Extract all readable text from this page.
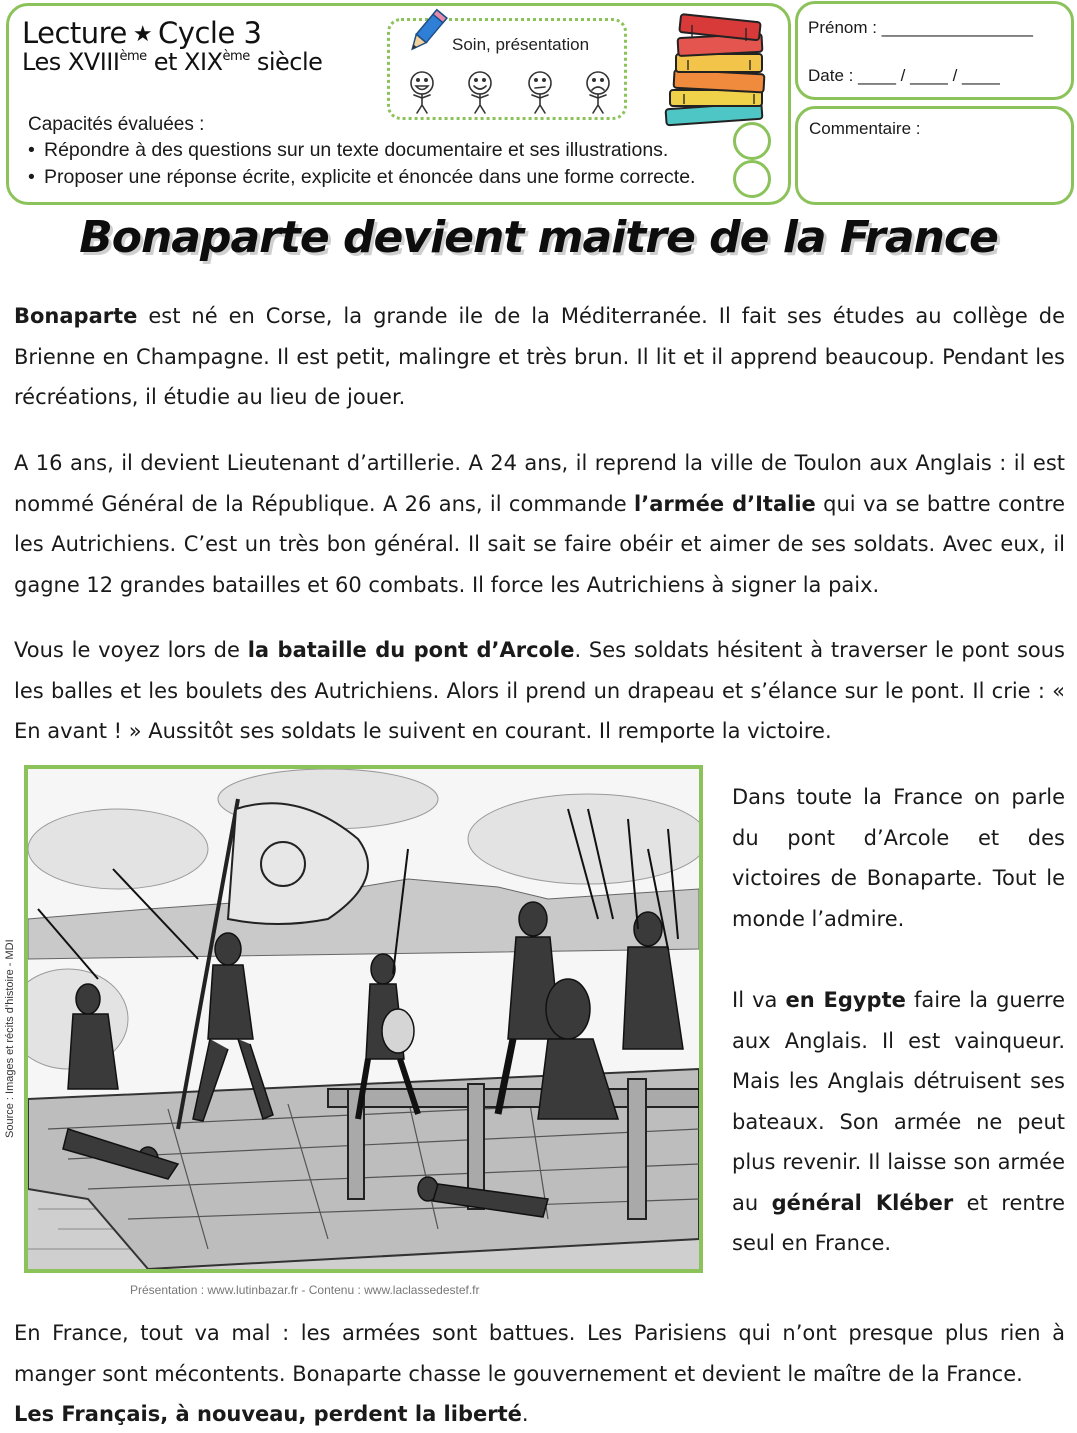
Lecture ★ Cycle 3
Les XVIIIème et XIXème siècle
Soin, présentation
Capacités évaluées :
• Répondre à des questions sur un texte documentaire et ses illustrations.
• Proposer une réponse écrite, explicite et énoncée dans une forme correcte.
Prénom : ________________
Date : ____ / ____ / ____
Commentaire :
Bonaparte devient maitre de la France

Bonaparte est né en Corse, la grande ile de la Méditerranée. Il fait ses études au collège de Brienne en Champagne. Il est petit, malingre et très brun. Il lit et il apprend beaucoup. Pendant les récréations, il étudie au lieu de jouer.

A 16 ans, il devient Lieutenant d’artillerie. A 24 ans, il reprend la ville de Toulon aux Anglais : il est nommé Général de la République. A 26 ans, il commande l’armée d’Italie qui va se battre contre les Autrichiens. C’est un très bon général. Il sait se faire obéir et aimer de ses soldats. Avec eux, il gagne 12 grandes batailles et 60 combats. Il force les Autrichiens à signer la paix.

Vous le voyez lors de la bataille du pont d’Arcole. Ses soldats hésitent à traverser le pont sous les balles et les boulets des Autrichiens. Alors il prend un drapeau et s’élance sur le pont. Il crie : « En avant ! » Aussitôt ses soldats le suivent en courant. Il remporte la victoire.

Source : Images et récits d’histoire - MDI
Présentation : www.lutinbazar.fr - Contenu : www.laclassedestef.fr

Dans toute la France on parle du pont d’Arcole et des victoires de Bonaparte. Tout le monde l’admire.

Il va en Egypte faire la guerre aux Anglais. Il est vainqueur. Mais les Anglais détruisent ses bateaux. Son armée ne peut plus revenir. Il laisse son armée au général Kléber et rentre seul en France.

En France, tout va mal : les armées sont battues. Les Parisiens qui n’ont presque plus rien à manger sont mécontents. Bonaparte chasse le gouvernement et devient le maître de la France.

Les Français, à nouveau, perdent la liberté.
